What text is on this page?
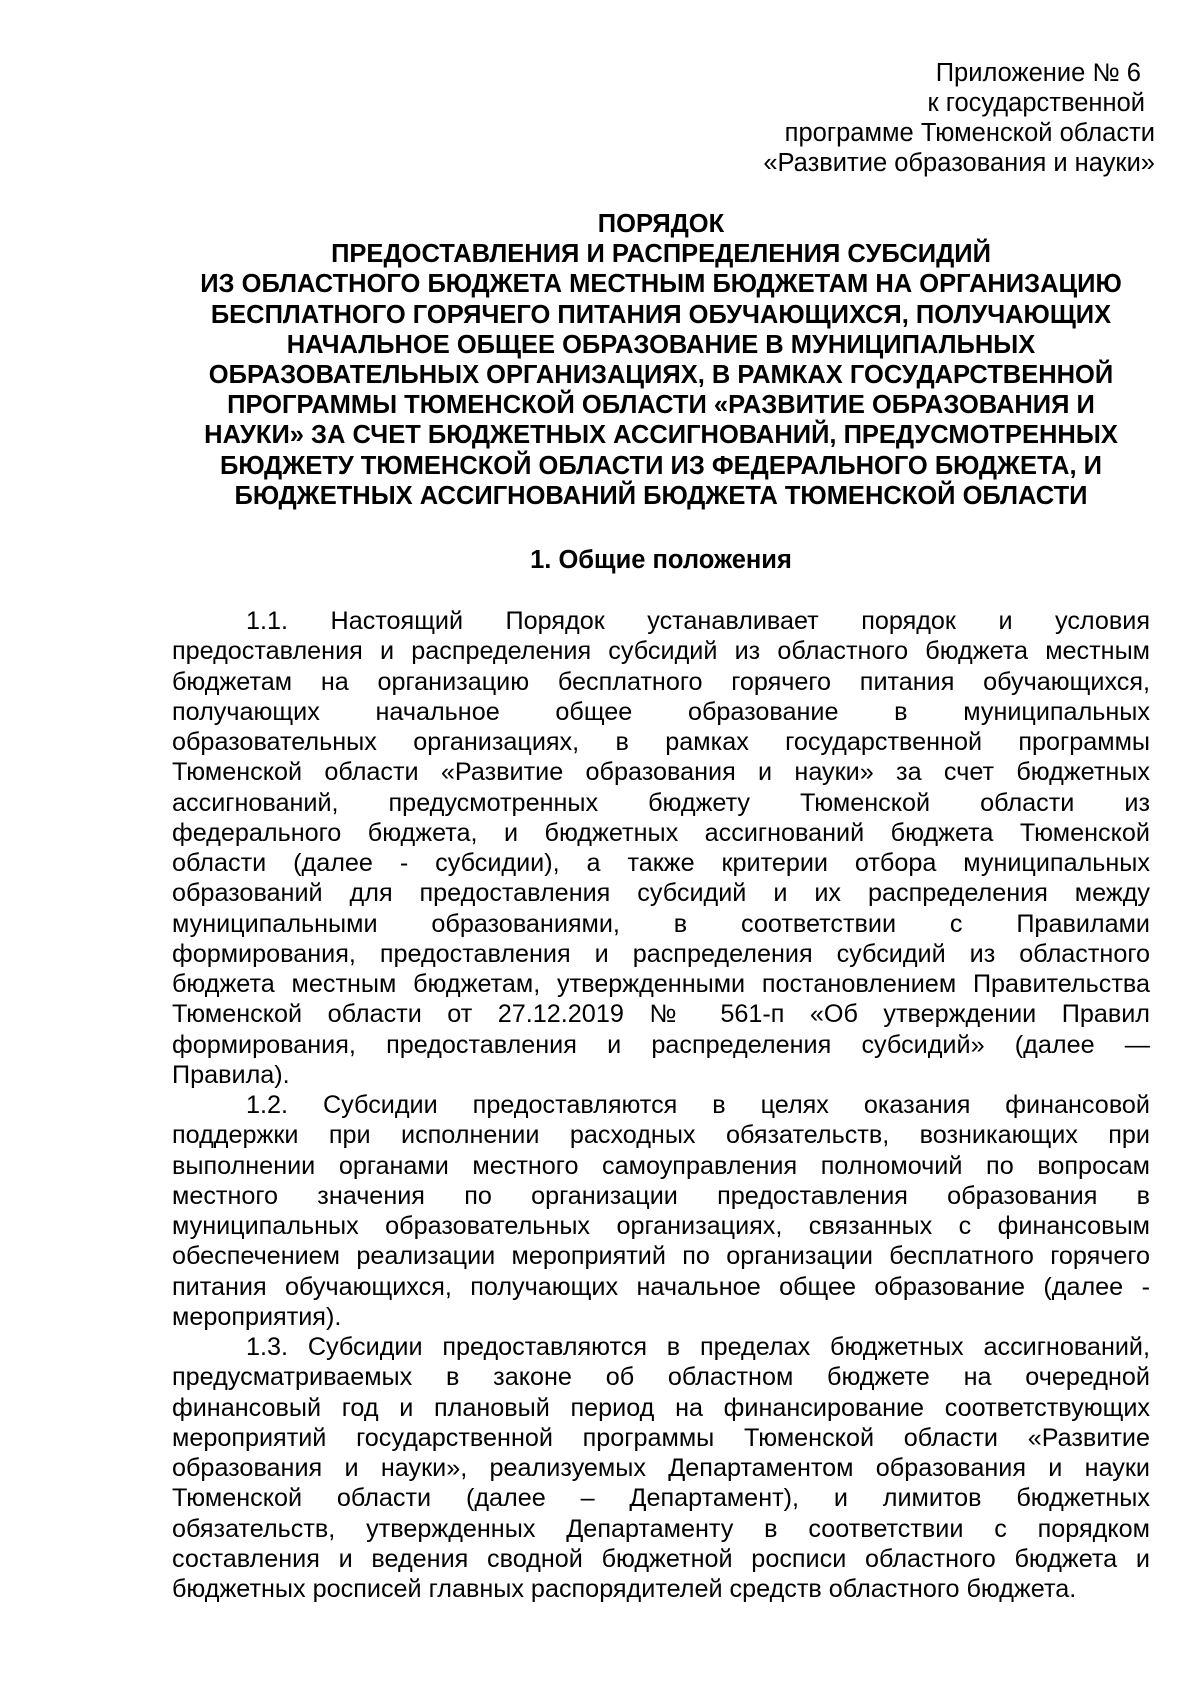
Приложение № 6
к государственной
программе Тюменской области
«Развитие образования и науки»
ПОРЯДОК
ПРЕДОСТАВЛЕНИЯ И РАСПРЕДЕЛЕНИЯ СУБСИДИЙ
ИЗ ОБЛАСТНОГО БЮДЖЕТА МЕСТНЫМ БЮДЖЕТАМ НА ОРГАНИЗАЦИЮ
БЕСПЛАТНОГО ГОРЯЧЕГО ПИТАНИЯ ОБУЧАЮЩИХСЯ, ПОЛУЧАЮЩИХ
НАЧАЛЬНОЕ ОБЩЕЕ ОБРАЗОВАНИЕ В МУНИЦИПАЛЬНЫХ
ОБРАЗОВАТЕЛЬНЫХ ОРГАНИЗАЦИЯХ, В РАМКАХ ГОСУДАРСТВЕННОЙ
ПРОГРАММЫ ТЮМЕНСКОЙ ОБЛАСТИ «РАЗВИТИЕ ОБРАЗОВАНИЯ И
НАУКИ» ЗА СЧЕТ БЮДЖЕТНЫХ АССИГНОВАНИЙ, ПРЕДУСМОТРЕННЫХ
БЮДЖЕТУ ТЮМЕНСКОЙ ОБЛАСТИ ИЗ ФЕДЕРАЛЬНОГО БЮДЖЕТА, И
БЮДЖЕТНЫХ АССИГНОВАНИЙ БЮДЖЕТА ТЮМЕНСКОЙ ОБЛАСТИ
1. Общие положения
1.1. Настоящий Порядок устанавливает порядок и условия
предоставления и распределения субсидий из областного бюджета местным
бюджетам на организацию бесплатного горячего питания обучающихся,
получающих начальное общее образование в муниципальных
образовательных организациях, в рамках государственной программы
Тюменской области «Развитие образования и науки» за счет бюджетных
ассигнований, предусмотренных бюджету Тюменской области из
федерального бюджета, и бюджетных ассигнований бюджета Тюменской
области (далее - субсидии), а также критерии отбора муниципальных
образований для предоставления субсидий и их распределения между
муниципальными образованиями, в соответствии с Правилами
формирования, предоставления и распределения субсидий из областного
бюджета местным бюджетам, утвержденными постановлением Правительства
Тюменской области от 27.12.2019 № 561-п «Об утверждении Правил
формирования, предоставления и распределения субсидий» (далее —
Правила).
1.2. Субсидии предоставляются в целях оказания финансовой
поддержки при исполнении расходных обязательств, возникающих при
выполнении органами местного самоуправления полномочий по вопросам
местного значения по организации предоставления образования в
муниципальных образовательных организациях, связанных с финансовым
обеспечением реализации мероприятий по организации бесплатного горячего
питания обучающихся, получающих начальное общее образование (далее -
мероприятия).
1.3. Субсидии предоставляются в пределах бюджетных ассигнований,
предусматриваемых в законе об областном бюджете на очередной
финансовый год и плановый период на финансирование соответствующих
мероприятий государственной программы Тюменской области «Развитие
образования и науки», реализуемых Департаментом образования и науки
Тюменской области (далее – Департамент), и лимитов бюджетных
обязательств, утвержденных Департаменту в соответствии с порядком
составления и ведения сводной бюджетной росписи областного бюджета и
бюджетных росписей главных распорядителей средств областного бюджета.
